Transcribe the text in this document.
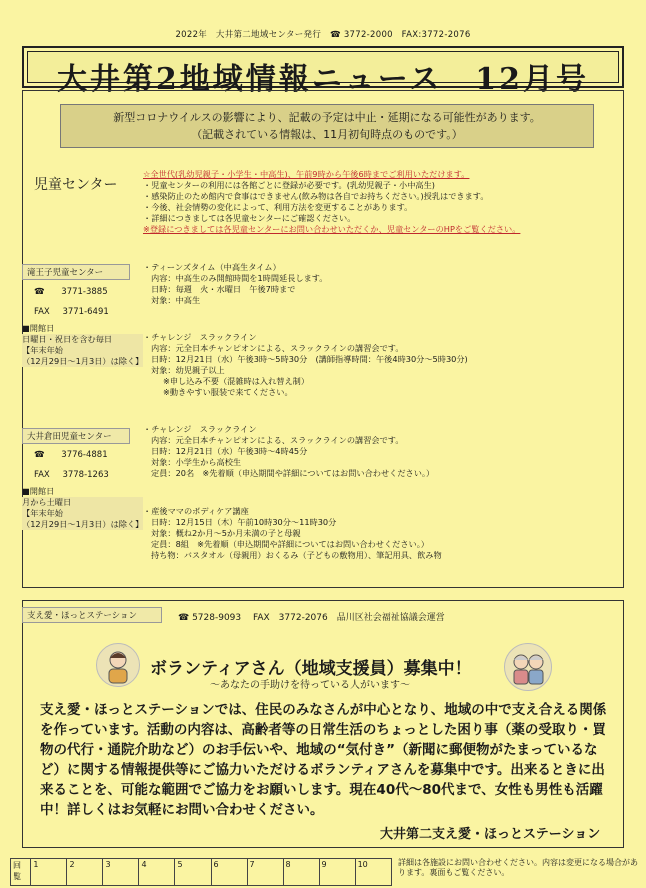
2022年　大井第二地域センター発行　☎ 3772-2000　FAX:3772-2076
大井第2地域情報ニュース　12月号
新型コロナウイルスの影響により、記載の予定は中止・延期になる可能性があります。
（記載されている情報は、11月初旬時点のものです。）
児童センター
☆全世代(乳幼児親子・小学生・中高生)、午前9時から午後6時までご利用いただけます。
・児童センターの利用には各館ごとに登録が必要です。(乳幼児親子・小中高生)
・感染防止のため館内で食事はできません(飲み物は各自でお持ちください。)授乳はできます。
・今後、社会情勢の変化によって、利用方法を変更することがあります。
・詳細につきましては各児童センターにご確認ください。
※登録につきましては各児童センターにお問い合わせいただくか、児童センターのHPをご覧ください。
滝王子児童センター
☎ 3771-3885
FAX 3771-6491
■開館日
日曜日・祝日を含む毎日
【年末年始
（12月29日～1月3日）は除く】
・ティーンズタイム（中高生タイム）
内容：中高生のみ開館時間を1時間延長します。
日時：毎週　火・水曜日　午後7時まで
対象：中高生
・チャレンジ　スラックライン
内容：元全日本チャンピオンによる、スラックラインの講習会です。
日時：12月21日（水）午後3時～5時30分　(講師指導時間：午後4時30分～5時30分)
対象：幼児親子以上
※申し込み不要（混雑時は入れ替え制）
※動きやすい服装で来てください。
大井倉田児童センター
☎ 3776-4881
FAX 3778-1263
■開館日
月から土曜日
【年末年始
（12月29日～1月3日）は除く】
・チャレンジ　スラックライン
内容：元全日本チャンピオンによる、スラックラインの講習会です。
日時：12月21日（水）午後3時～4時45分
対象：小学生から高校生
定員：20名　※先着順（申込期間や詳細についてはお問い合わせください。）
・産後ママのボディケア講座
日時：12月15日（木）午前10時30分～11時30分
対象：概ね2か月～5か月未満の子と母親
定員：8組　※先着順（申込期間や詳細についてはお問い合わせください。）
持ち物：バスタオル（母親用）おくるみ（子どもの敷物用）、筆記用具、飲み物
支え愛・ほっとステーション	☎ 5728-9093　 FAX　3772-2076　品川区社会福祉協議会運営
ボランティアさん（地域支援員）募集中！
～あなたの手助けを待っている人がいます～
支え愛・ほっとステーションでは、住民のみなさんが中心となり、地域の中で支え合える関係を作っています。活動の内容は、高齢者等の日常生活のちょっとした困り事（薬の受取り・買物の代行・通院介助など）のお手伝いや、地域の“気付き”（新聞に郵便物がたまっているなど）に関する情報提供等にご協力いただけるボランティアさんを募集中です。出来るときに出来ることを、可能な範囲でご協力をお願いします。現在40代～80代まで、女性も男性も活躍中！詳しくはお気軽にお問い合わせください。
大井第二支え愛・ほっとステーション
回覧	1	2	3	4	5	6	7	8	9	10	詳細は各施設にお問い合わせください。内容は変更になる場合があります。裏面もご覧ください。
